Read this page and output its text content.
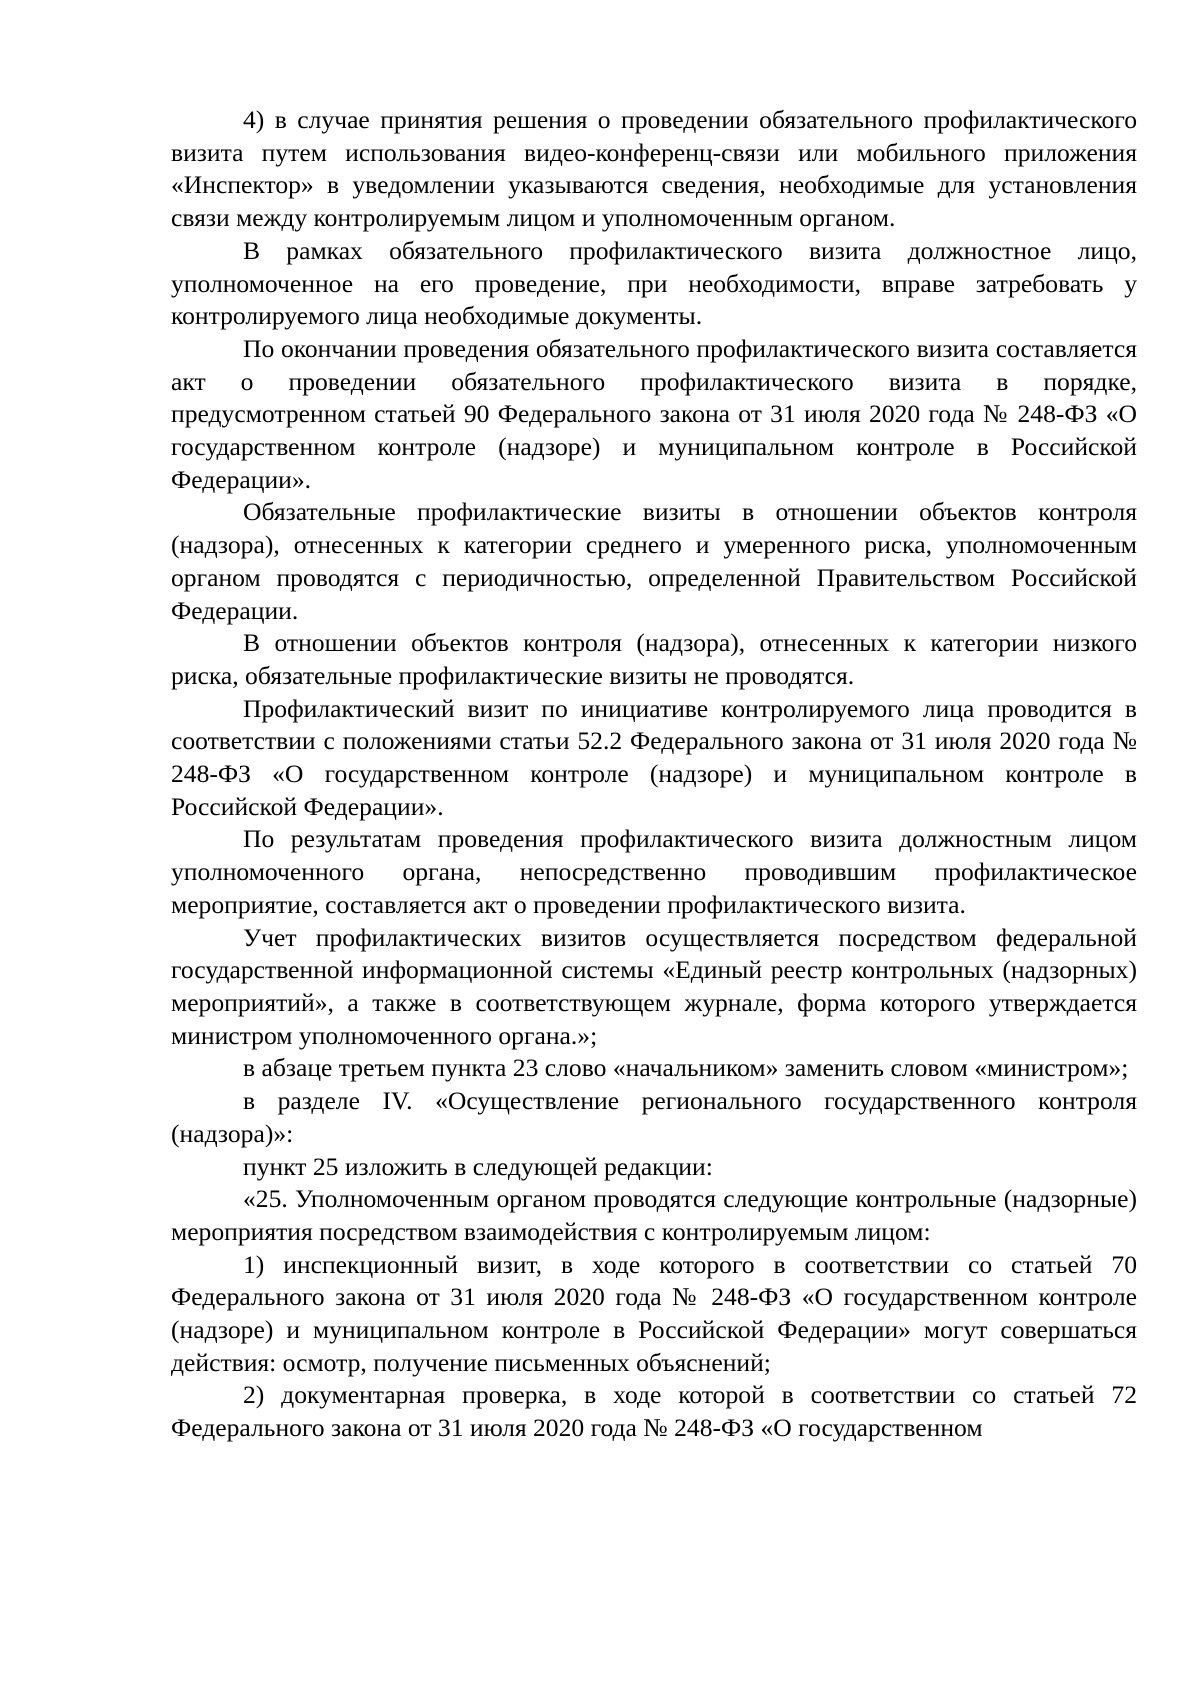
4) в случае принятия решения о проведении обязательного профилактического визита путем использования видео-конференц-связи или мобильного приложения «Инспектор» в уведомлении указываются сведения, необходимые для установления связи между контролируемым лицом и уполномоченным органом.

В рамках обязательного профилактического визита должностное лицо, уполномоченное на его проведение, при необходимости, вправе затребовать у контролируемого лица необходимые документы.

По окончании проведения обязательного профилактического визита составляется акт о проведении обязательного профилактического визита в порядке, предусмотренном статьей 90 Федерального закона от 31 июля 2020 года № 248-ФЗ «О государственном контроле (надзоре) и муниципальном контроле в Российской Федерации».

Обязательные профилактические визиты в отношении объектов контроля (надзора), отнесенных к категории среднего и умеренного риска, уполномоченным органом проводятся с периодичностью, определенной Правительством Российской Федерации.

В отношении объектов контроля (надзора), отнесенных к категории низкого риска, обязательные профилактические визиты не проводятся.

Профилактический визит по инициативе контролируемого лица проводится в соответствии с положениями статьи 52.2 Федерального закона от 31 июля 2020 года № 248-ФЗ «О государственном контроле (надзоре) и муниципальном контроле в Российской Федерации».

По результатам проведения профилактического визита должностным лицом уполномоченного органа, непосредственно проводившим профилактическое мероприятие, составляется акт о проведении профилактического визита.

Учет профилактических визитов осуществляется посредством федеральной государственной информационной системы «Единый реестр контрольных (надзорных) мероприятий», а также в соответствующем журнале, форма которого утверждается министром уполномоченного органа.»;

в абзаце третьем пункта 23 слово «начальником» заменить словом «министром»;

в разделе IV. «Осуществление регионального государственного контроля (надзора)»:

пункт 25 изложить в следующей редакции:

«25. Уполномоченным органом проводятся следующие контрольные (надзорные) мероприятия посредством взаимодействия с контролируемым лицом:

1) инспекционный визит, в ходе которого в соответствии со статьей 70 Федерального закона от 31 июля 2020 года № 248-ФЗ «О государственном контроле (надзоре) и муниципальном контроле в Российской Федерации» могут совершаться действия: осмотр, получение письменных объяснений;

2) документарная проверка, в ходе которой в соответствии со статьей 72 Федерального закона от 31 июля 2020 года № 248-ФЗ «О государственном
